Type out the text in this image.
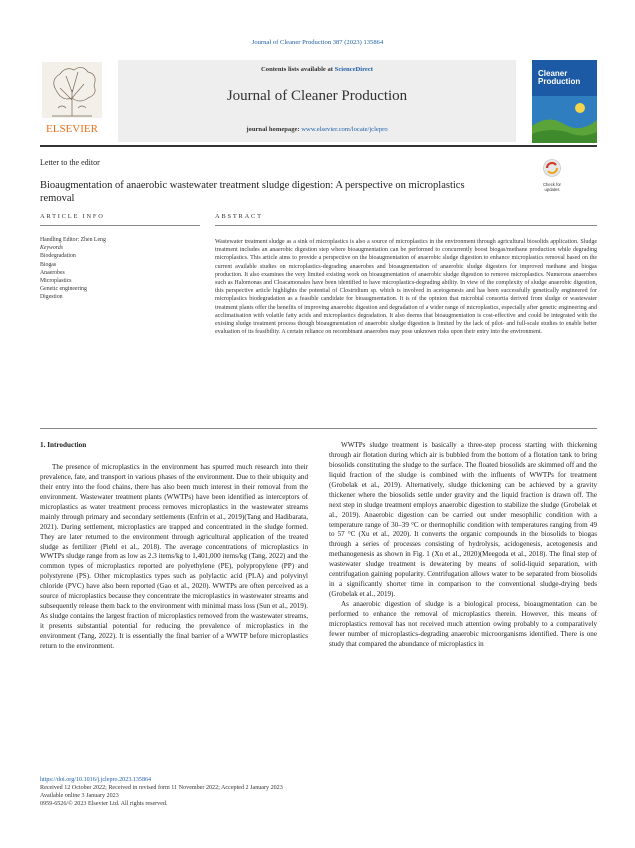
Journal of Cleaner Production 387 (2023) 135864
ELSEVIER
Contents lists available at ScienceDirect
Journal of Cleaner Production
journal homepage: www.elsevier.com/locate/jclepro
Cleaner
Production
Letter to the editor
Bioaugmentation of anaerobic wastewater treatment sludge digestion: A perspective on microplastics removal
Check for
updates
ARTICLE INFO	ABSTRACT
Handling Editor: Zhen Leng
Keywords
Biodegradation
Biogas
Anaerobes
Microplastics
Genetic engineering
Digestion
Wastewater treatment sludge as a sink of microplastics is also a source of microplastics in the environment through agricultural biosolids application. Sludge treatment includes an anaerobic digestion step where bioaugmentation can be performed to concurrently boost biogas/methane production while degrading microplastics. This article aims to provide a perspective on the bioaugmentation of anaerobic sludge digestion to enhance microplastics removal based on the current available studies on microplastics-degrading anaerobes and bioaugmentation of anaerobic sludge digesters for improved methane and biogas production. It also examines the very limited existing work on bioaugmentation of anaerobic sludge digestion to remove microplastics. Numerous anaerobes such as Halomonas and Cloacamonales have been identified to have microplastics-degrading ability. In view of the complexity of sludge anaerobic digestion, this perspective article highlights the potential of Clostridium sp. which is involved in acetogenesis and has been successfully genetically engineered for microplastics biodegradation as a feasible candidate for bioaugmentation. It is of the opinion that microbial consortia derived from sludge or wastewater treatment plants offer the benefits of improving anaerobic digestion and degradation of a wider range of microplastics, especially after genetic engineering and acclimatisation with volatile fatty acids and microplastics degradation. It also deems that bioaugmentation is cost-effective and could be integrated with the existing sludge treatment process though bioaugmentation of anaerobic sludge digestion is limited by the lack of pilot- and full-scale studies to enable better evaluation of its feasibility. A certain reliance on recombinant anaerobes may pose unknown risks upon their entry into the environment.
1. Introduction

The presence of microplastics in the environment has spurred much research into their prevalence, fate, and transport in various phases of the environment. Due to their ubiquity and their entry into the food chains, there has also been much interest in their removal from the environment. Wastewater treatment plants (WWTPs) have been identified as interceptors of microplastics as water treatment process removes microplastics in the wastewater streams mainly through primary and secondary settlements (Enfrin et al., 2019)(Tang and Hadibarata, 2021). During settlement, microplastics are trapped and concentrated in the sludge formed. They are later returned to the environment through agricultural application of the treated sludge as fertilizer (Piehl et al., 2018). The average concentrations of microplastics in WWTPs sludge range from as low as 2.3 items/kg to 1,401,000 items/kg (Tang, 2022) and the common types of microplastics reported are polyethylene (PE), polypropylene (PP) and polystyrene (PS). Other microplastics types such as polylactic acid (PLA) and polyvinyl chloride (PVC) have also been reported (Gao et al., 2020). WWTPs are often perceived as a source of microplastics because they concentrate the microplastics in wastewater streams and subsequently release them back to the environment with minimal mass loss (Sun et al., 2019). As sludge contains the largest fraction of microplastics removed from the wastewater streams, it presents substantial potential for reducing the prevalence of microplastics in the environment (Tang, 2022). It is essentially the final barrier of a WWTP before microplastics return to the environment.

WWTPs sludge treatment is basically a three-step process starting with thickening through air flotation during which air is bubbled from the bottom of a flotation tank to bring biosolids constituting the sludge to the surface. The floated biosolids are skimmed off and the liquid fraction of the sludge is combined with the influents of WWTPs for treatment (Grobelak et al., 2019). Alternatively, sludge thickening can be achieved by a gravity thickener where the biosolids settle under gravity and the liquid fraction is drawn off. The next step in sludge treatment employs anaerobic digestion to stabilize the sludge (Grobelak et al., 2019). Anaerobic digestion can be carried out under mesophilic condition with a temperature range of 30–39 °C or thermophilic condition with temperatures ranging from 49 to 57 °C (Xu et al., 2020). It converts the organic compounds in the biosolids to biogas through a series of processes consisting of hydrolysis, acidogenesis, acetogenesis and methanogenesis as shown in Fig. 1 (Xu et al., 2020)(Meegoda et al., 2018). The final step of wastewater sludge treatment is dewatering by means of solid-liquid separation, with centrifugation gaining popularity. Centrifugation allows water to be separated from biosolids in a significantly shorter time in comparison to the conventional sludge-drying beds (Grobelak et al., 2019).

As anaerobic digestion of sludge is a biological process, bioaugmentation can be performed to enhance the removal of microplastics therein. However, this means of microplastics removal has not received much attention owing probably to a comparatively fewer number of microplastics-degrading anaerobic microorganisms identified. There is one study that compared the abundance of microplastics in

https://doi.org/10.1016/j.jclepro.2023.135864
Received 12 October 2022; Received in revised form 11 November 2022; Accepted 2 January 2023
Available online 3 January 2023
0959-6526/© 2023 Elsevier Ltd. All rights reserved.
